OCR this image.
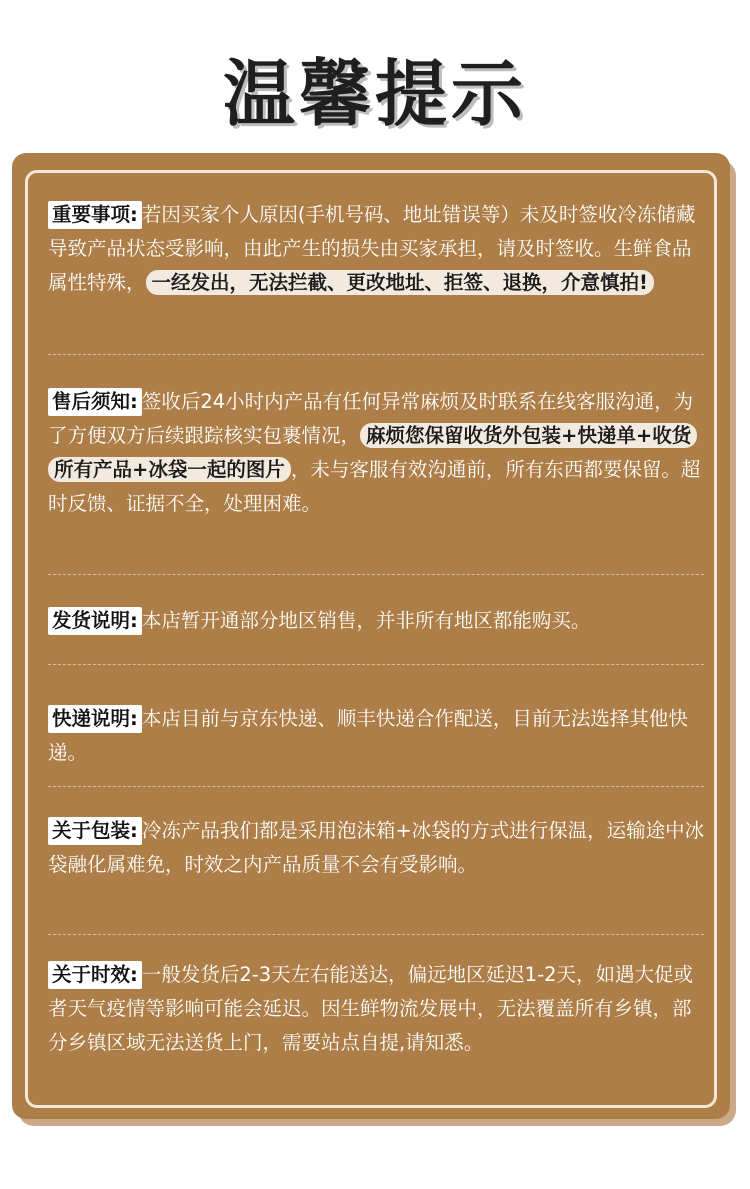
温馨提示
重要事项: 若因买家个人原因(手机号码、地址错误等）未及时签收冷冻储藏导致产品状态受影响，由此产生的损失由买家承担，请及时签收。生鲜食品属性特殊， 一经发出，无法拦截、更改地址、拒签、退换，介意慎拍!
售后须知: 签收后24小时内产品有任何异常麻烦及时联系在线客服沟通，为了方便双方后续跟踪核实包裹情况， 麻烦您保留收货外包装+快递单+收货所有产品+冰袋一起的图片 ，未与客服有效沟通前，所有东西都要保留。超时反馈、证据不全，处理困难。
发货说明: 本店暂开通部分地区销售，并非所有地区都能购买。
快递说明: 本店目前与京东快递、顺丰快递合作配送，目前无法选择其他快递。
关于包装: 冷冻产品我们都是采用泡沫箱+冰袋的方式进行保温，运输途中冰袋融化属难免，时效之内产品质量不会有受影响。
关于时效: 一般发货后2-3天左右能送达，偏远地区延迟1-2天，如遇大促或者天气疫情等影响可能会延迟。因生鲜物流发展中，无法覆盖所有乡镇，部分乡镇区域无法送货上门，需要站点自提,请知悉。
